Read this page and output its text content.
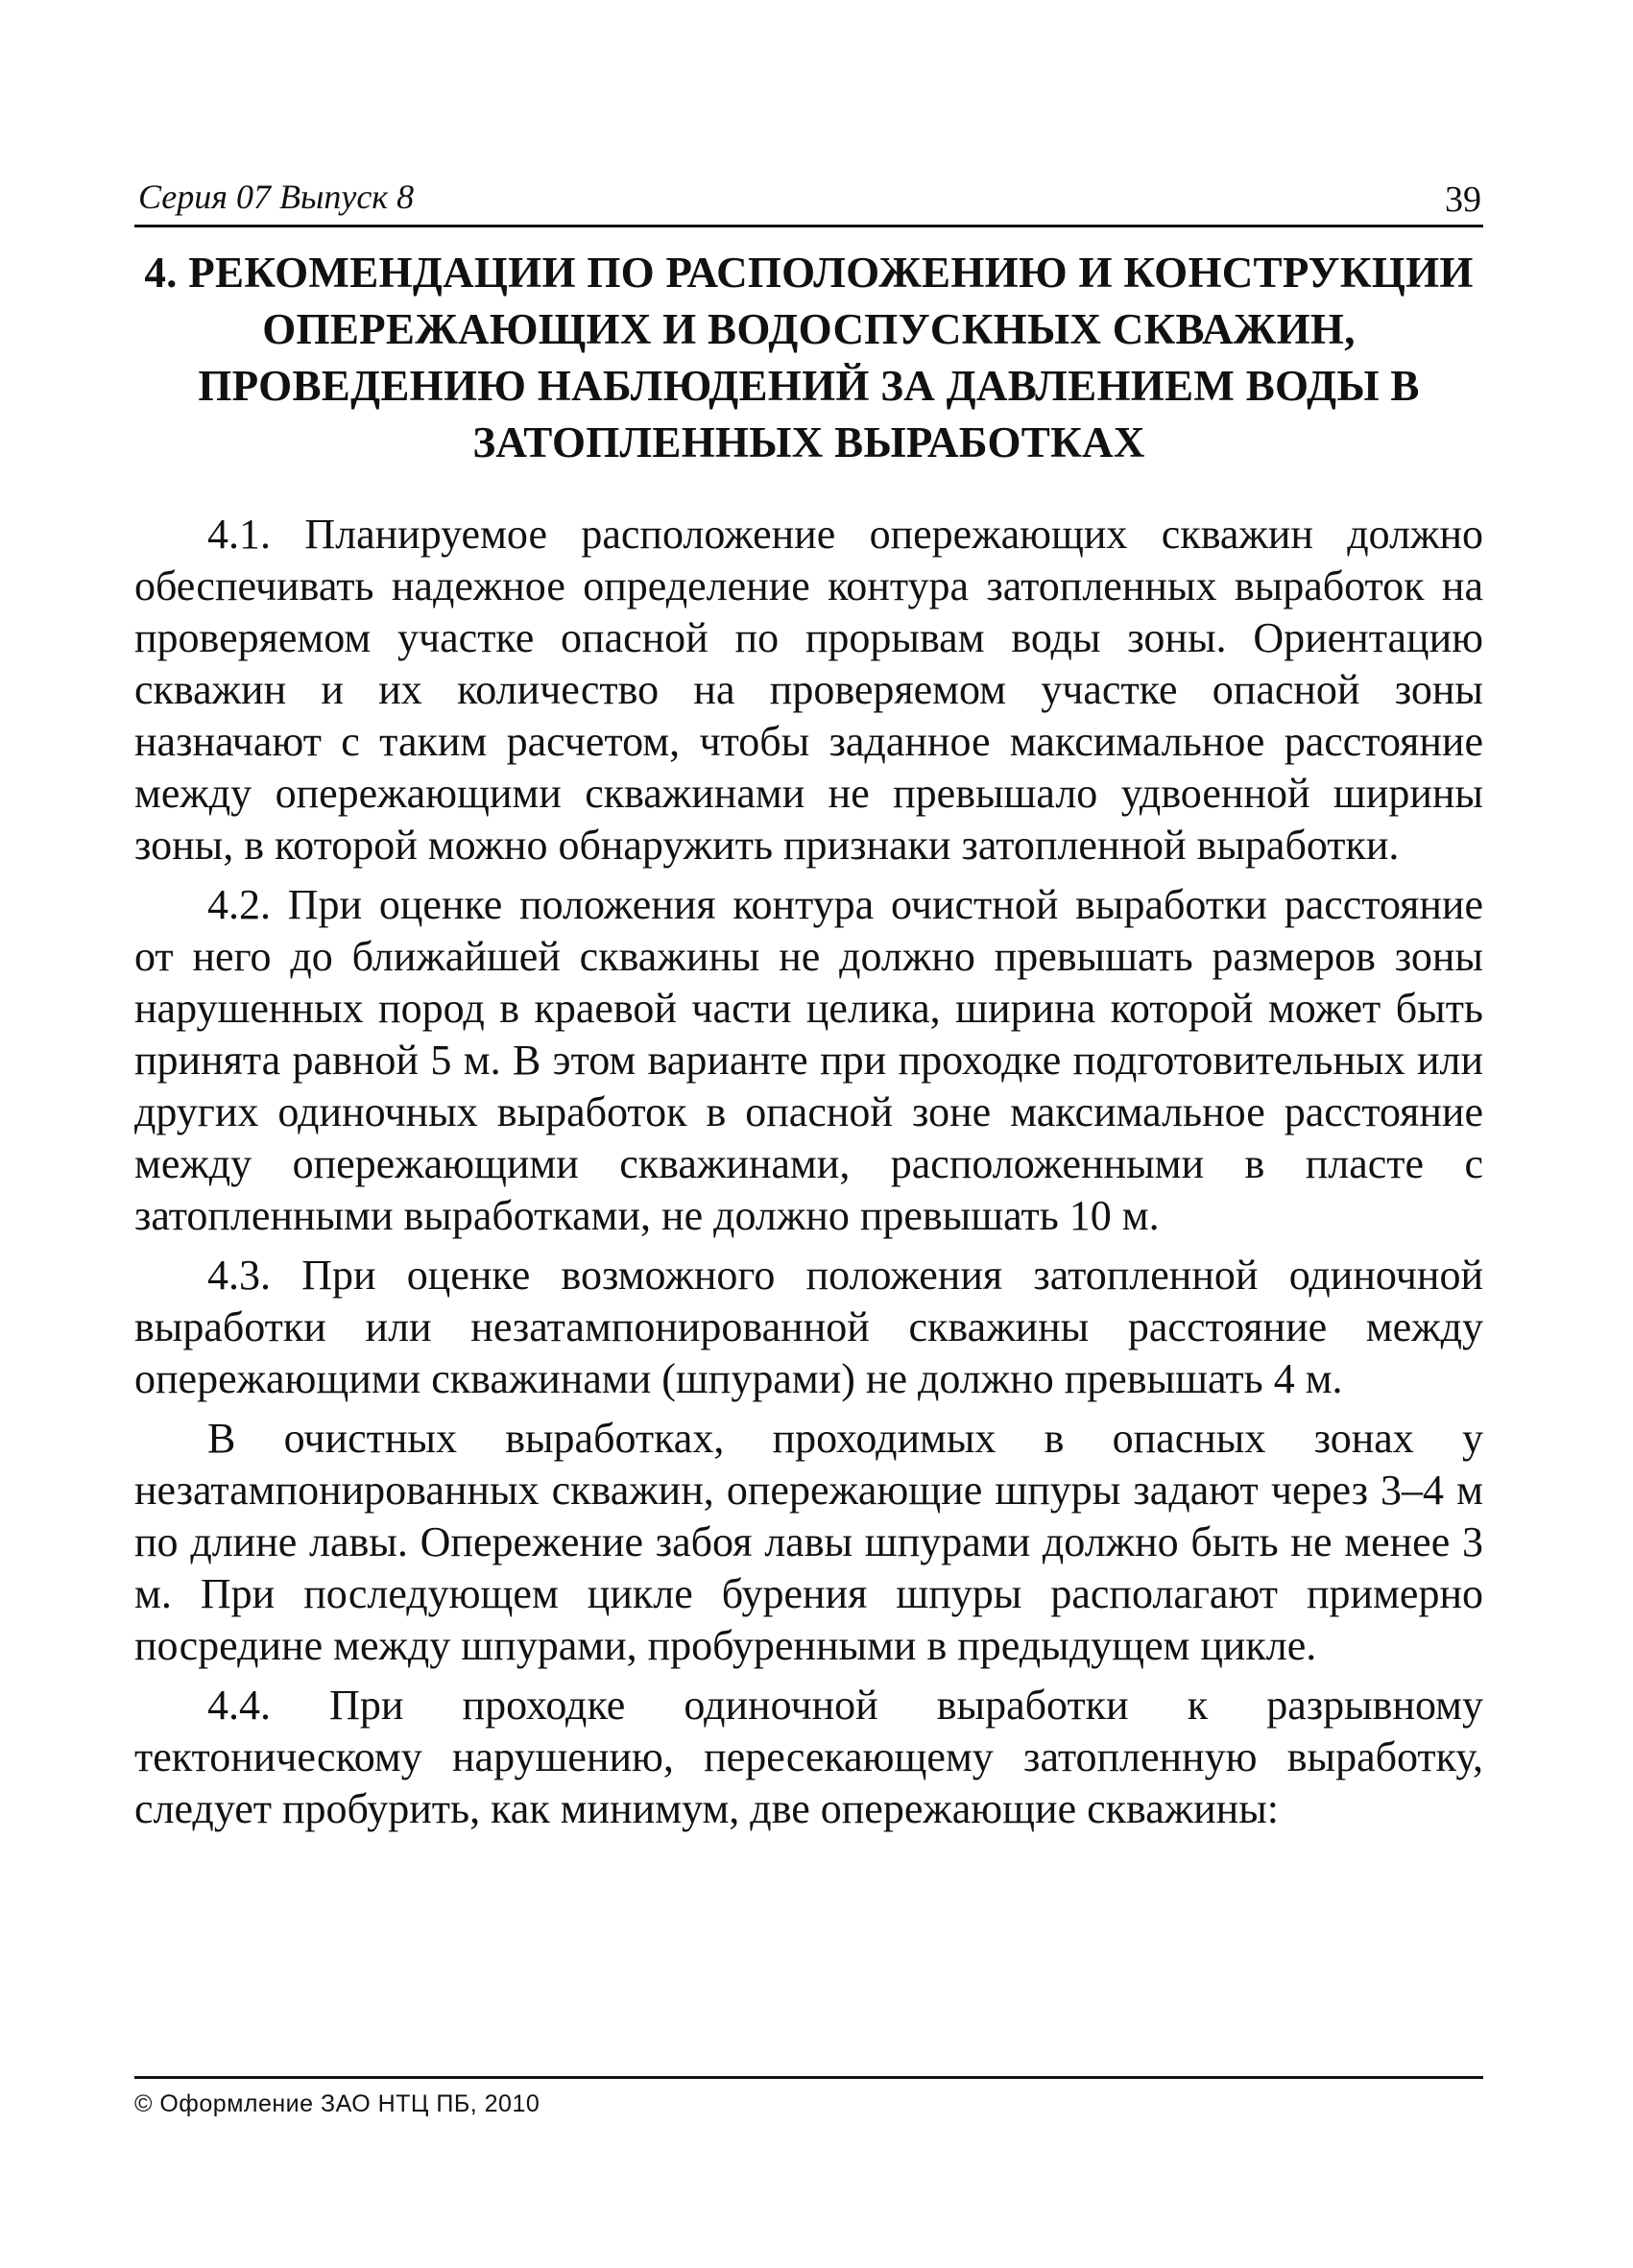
Серия 07 Выпуск 8	39
4. РЕКОМЕНДАЦИИ ПО РАСПОЛОЖЕНИЮ И КОНСТРУКЦИИ ОПЕРЕЖАЮЩИХ И ВОДОСПУСКНЫХ СКВАЖИН, ПРОВЕДЕНИЮ НАБЛЮДЕНИЙ ЗА ДАВЛЕНИЕМ ВОДЫ В ЗАТОПЛЕННЫХ ВЫРАБОТКАХ

4.1. Планируемое расположение опережающих скважин должно обеспечивать надежное определение контура затопленных выработок на проверяемом участке опасной по прорывам воды зоны. Ориентацию скважин и их количество на проверяемом участке опасной зоны назначают с таким расчетом, чтобы заданное максимальное расстояние между опережающими скважинами не превышало удвоенной ширины зоны, в которой можно обнаружить признаки затопленной выработки.

4.2. При оценке положения контура очистной выработки расстояние от него до ближайшей скважины не должно превышать размеров зоны нарушенных пород в краевой части целика, ширина которой может быть принята равной 5 м. В этом варианте при проходке подготовительных или других одиночных выработок в опасной зоне максимальное расстояние между опережающими скважинами, расположенными в пласте с затопленными выработками, не должно превышать 10 м.

4.3. При оценке возможного положения затопленной одиночной выработки или незатампонированной скважины расстояние между опережающими скважинами (шпурами) не должно превышать 4 м.

В очистных выработках, проходимых в опасных зонах у незатампонированных скважин, опережающие шпуры задают через 3–4 м по длине лавы. Опережение забоя лавы шпурами должно быть не менее 3 м. При последующем цикле бурения шпуры располагают примерно посредине между шпурами, пробуренными в предыдущем цикле.

4.4. При проходке одиночной выработки к разрывному тектоническому нарушению, пересекающему затопленную выработку, следует пробурить, как минимум, две опережающие скважины:

© Оформление ЗАО НТЦ ПБ, 2010
